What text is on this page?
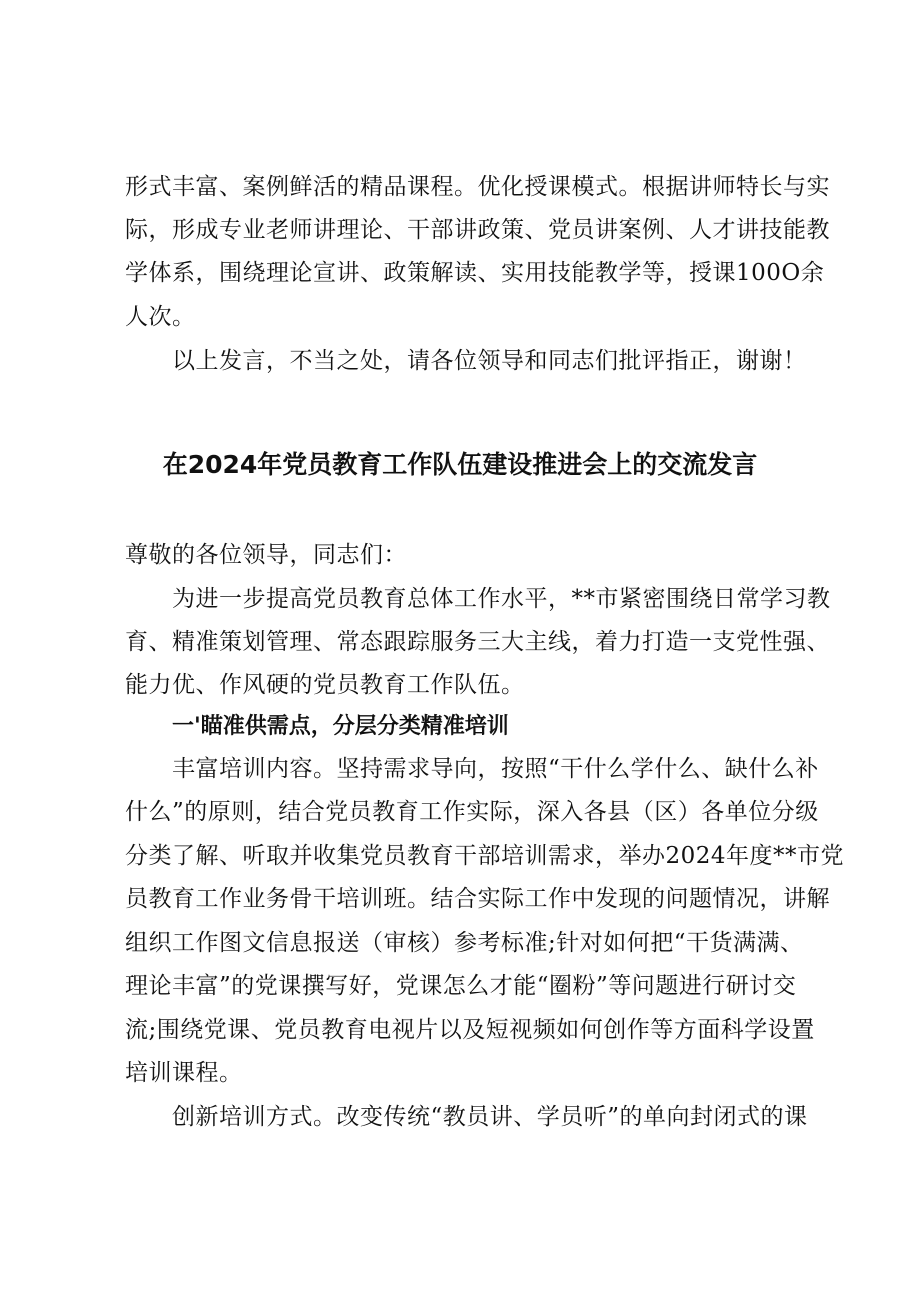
形式丰富、案例鲜活的精品课程。优化授课模式。根据讲师特长与实
际，形成专业老师讲理论、干部讲政策、党员讲案例、人才讲技能教
学体系，围绕理论宣讲、政策解读、实用技能教学等，授课100O余
人次。
以上发言，不当之处，请各位领导和同志们批评指正，谢谢！
在2024年党员教育工作队伍建设推进会上的交流发言
尊敬的各位领导，同志们：
为进一步提高党员教育总体工作水平，**市紧密围绕日常学习教
育、精准策划管理、常态跟踪服务三大主线，着力打造一支党性强、
能力优、作风硬的党员教育工作队伍。
一'瞄准供需点，分层分类精准培训
丰富培训内容。坚持需求导向，按照“干什么学什么、缺什么补
什么”的原则，结合党员教育工作实际，深入各县（区）各单位分级
分类了解、听取并收集党员教育干部培训需求，举办2024年度**市党
员教育工作业务骨干培训班。结合实际工作中发现的问题情况，讲解
组织工作图文信息报送（审核）参考标准;针对如何把“干货满满、
理论丰富”的党课撰写好，党课怎么才能“圈粉”等问题进行研讨交
流;围绕党课、党员教育电视片以及短视频如何创作等方面科学设置
培训课程。
创新培训方式。改变传统“教员讲、学员听”的单向封闭式的课
